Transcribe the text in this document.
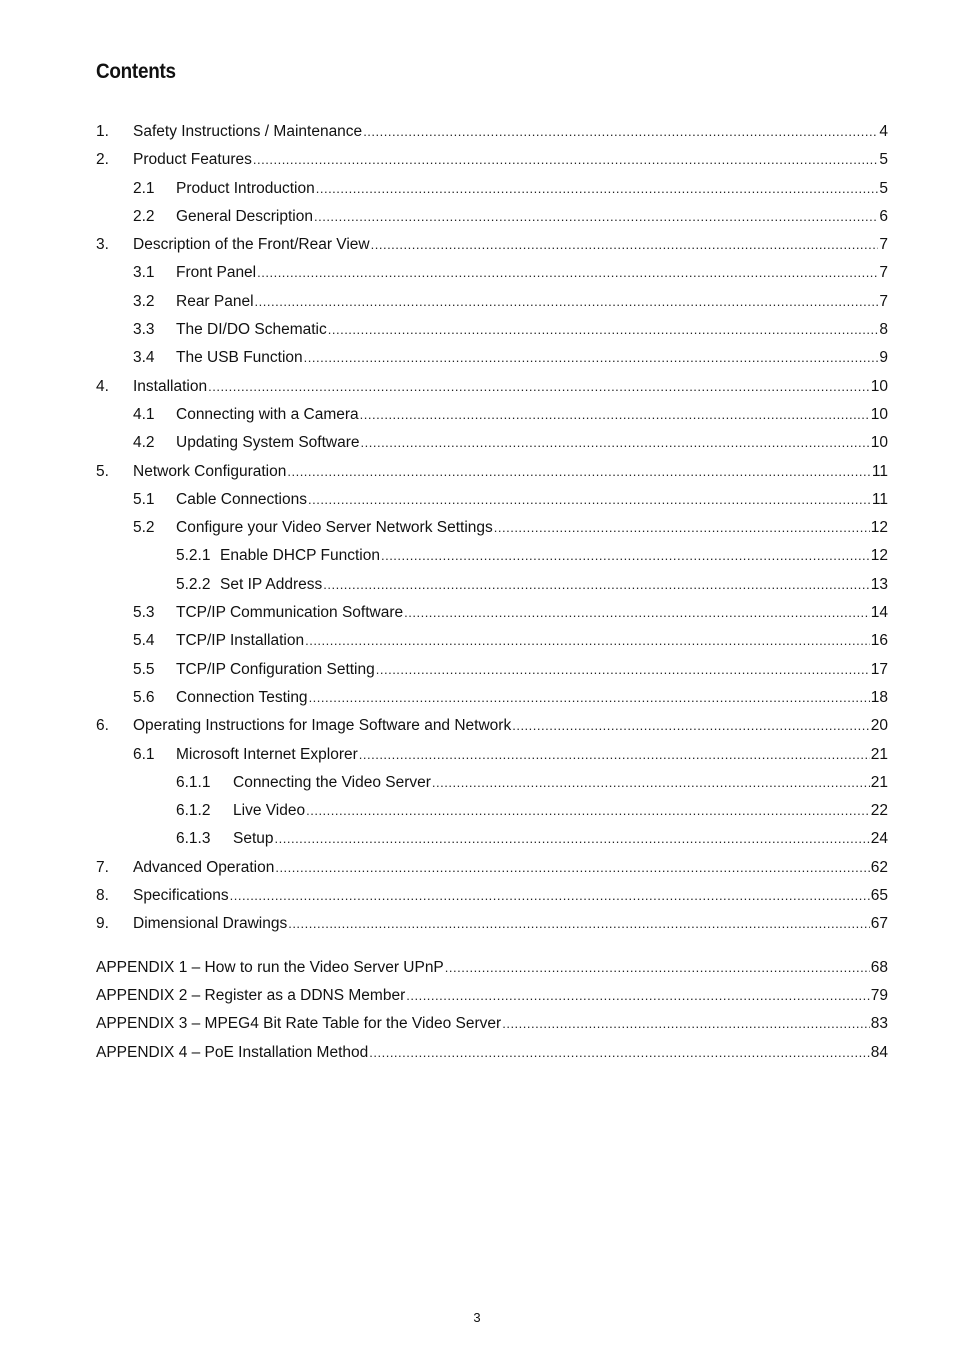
Contents
1.	Safety Instructions / Maintenance .....	4
2.	Product Features .....	5
2.1	Product Introduction .....	5
2.2	General Description .....	6
3.	Description of the Front/Rear View .....	7
3.1	Front Panel .....	7
3.2	Rear Panel .....	7
3.3	The DI/DO Schematic .....	8
3.4	The USB Function .....	9
4.	Installation .....	10
4.1	Connecting with a Camera .....	10
4.2	Updating System Software .....	10
5.	Network Configuration .....	11
5.1	Cable Connections .....	11
5.2	Configure your Video Server Network Settings .....	12
5.2.1 Enable DHCP Function .....	12
5.2.2 Set IP Address .....	13
5.3	TCP/IP Communication Software .....	14
5.4	TCP/IP Installation .....	16
5.5	TCP/IP Configuration Setting .....	17
5.6	Connection Testing .....	18
6.	Operating Instructions for Image Software and Network .....	20
6.1	Microsoft Internet Explorer .....	21
6.1.1	Connecting the Video Server .....	21
6.1.2	Live Video .....	22
6.1.3	Setup .....	24
7.	Advanced Operation .....	62
8.	Specifications .....	65
9.	Dimensional Drawings .....	67
APPENDIX 1 – How to run the Video Server UPnP .....	68
APPENDIX 2 – Register as a DDNS Member .....	79
APPENDIX 3 – MPEG4 Bit Rate Table for the Video Server .....	83
APPENDIX 4 – PoE Installation Method .....	84
3
